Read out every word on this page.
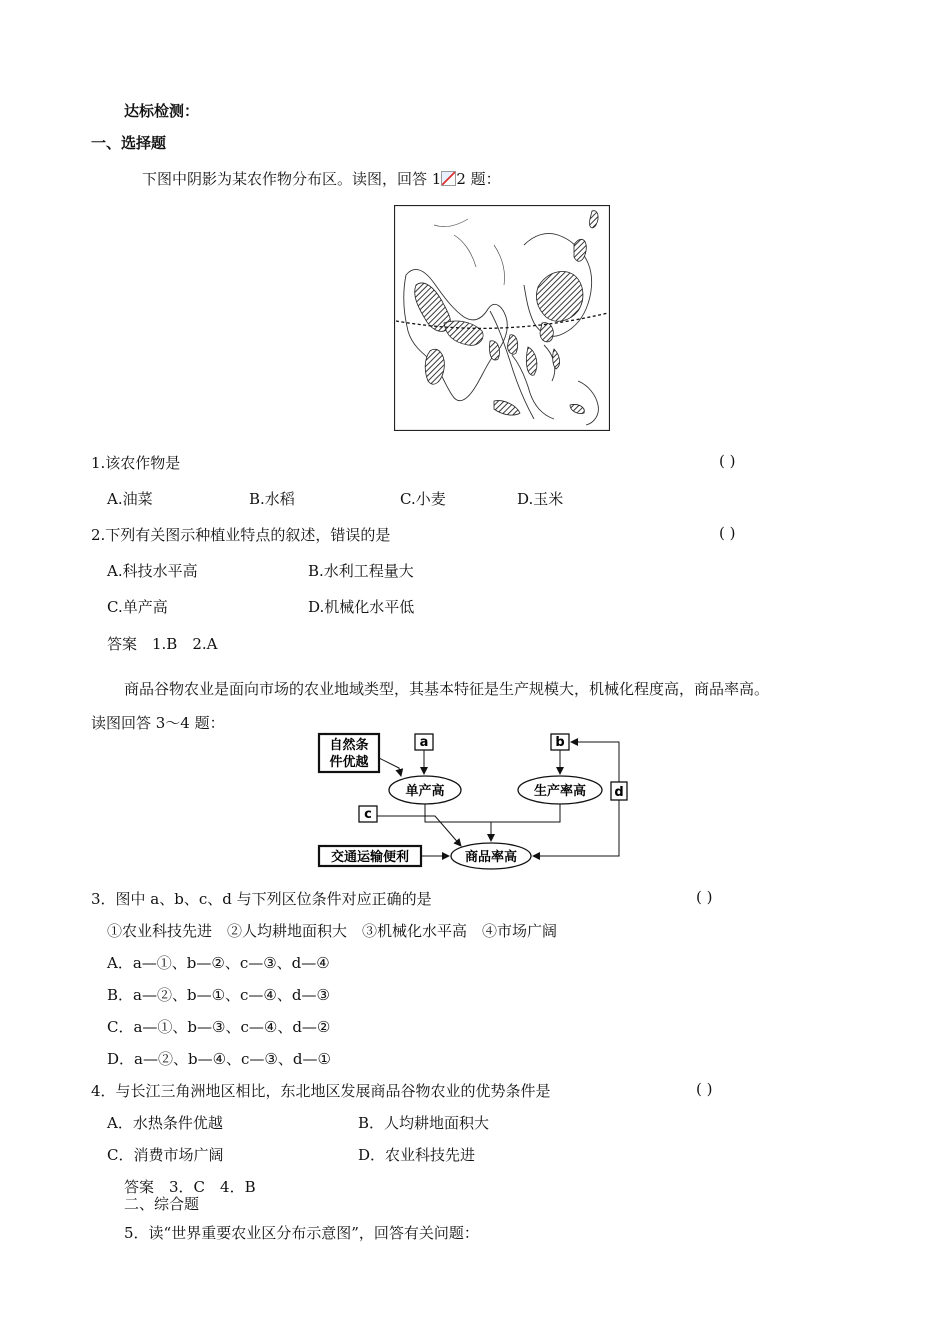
达标检测：
一、选择题
下图中阴影为某农作物分布区。读图，回答 1 2 题：
1.该农作物是	( )
A.油菜	B.水稻	C.小麦	D.玉米
2.下列有关图示种植业特点的叙述，错误的是	( )
A.科技水平高	B.水利工程量大
C.单产高	D.机械化水平低
答案　1.B　2.A
商品谷物农业是面向市场的农业地域类型，其基本特征是生产规模大，机械化程度高，商品率高。
读图回答 3～4 题：
自然条
件优越
a	b
单产高	生产率高 d
c
交通运输便利	商品率高
3．图中 a、b、c、d 与下列区位条件对应正确的是	( )
①农业科技先进　②人均耕地面积大　③机械化水平高　④市场广阔
A．a—①、b—②、c—③、d—④
B．a—②、b—①、c—④、d—③
C．a—①、b—③、c—④、d—②
D．a—②、b—④、c—③、d—①
4．与长江三角洲地区相比，东北地区发展商品谷物农业的优势条件是	( )
A．水热条件优越	B．人均耕地面积大
C．消费市场广阔	D．农业科技先进
答案　3．C　4．B
二、综合题
5．读“世界重要农业区分布示意图”，回答有关问题：
